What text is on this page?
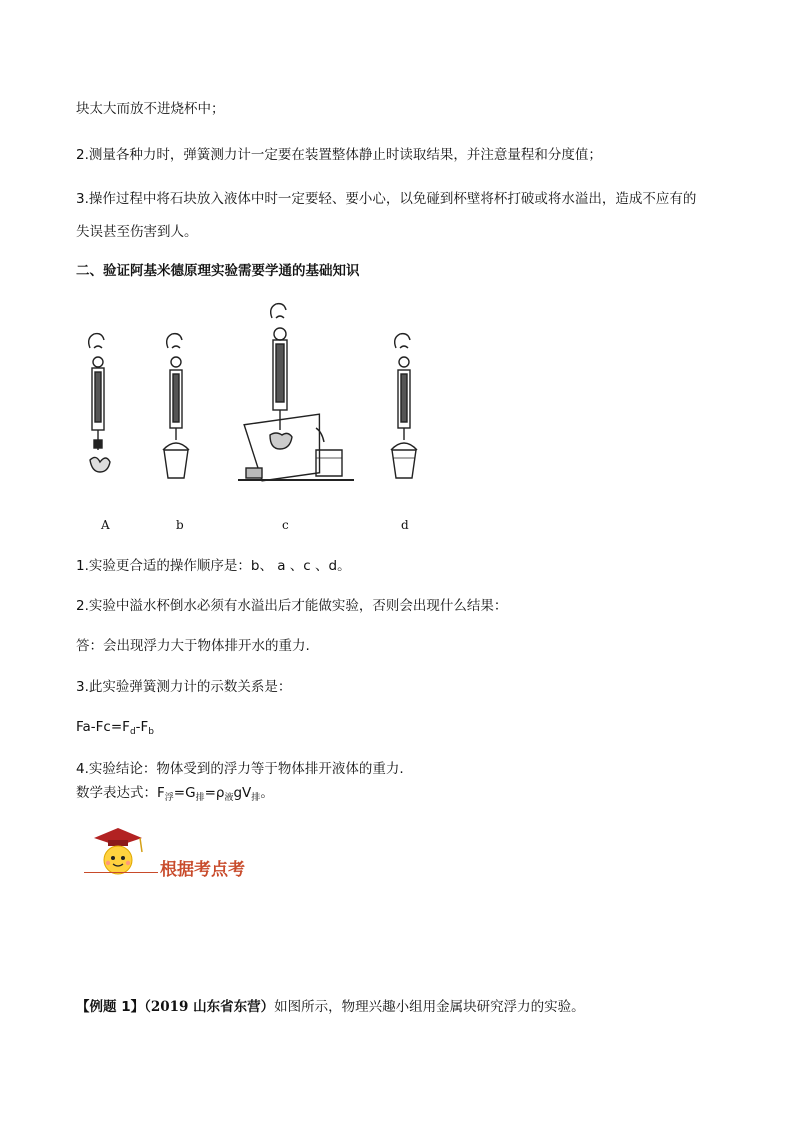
块太大而放不进烧杯中；
2.测量各种力时，弹簧测力计一定要在装置整体静止时读取结果，并注意量程和分度值；
3.操作过程中将石块放入液体中时一定要轻、要小心，以免碰到杯壁将杯打破或将水溢出，造成不应有的
失误甚至伤害到人。
二、验证阿基米德原理实验需要学通的基础知识
A	b	c	d
1.实验更合适的操作顺序是：b、 a 、c 、d。
2.实验中溢水杯倒水必须有水溢出后才能做实验，否则会出现什么结果：
答：会出现浮力大于物体排开水的重力.
3.此实验弹簧测力计的示数关系是：
$Fa-Fc=F_d-F_b$
4.实验结论：物体受到的浮力等于物体排开液体的重力.
数学表达式：$F_浮=G_排=\rho_液gV_排$。
根据考点考
【例题 1】（2019 山东省东营）如图所示，物理兴趣小组用金属块研究浮力的实验。
